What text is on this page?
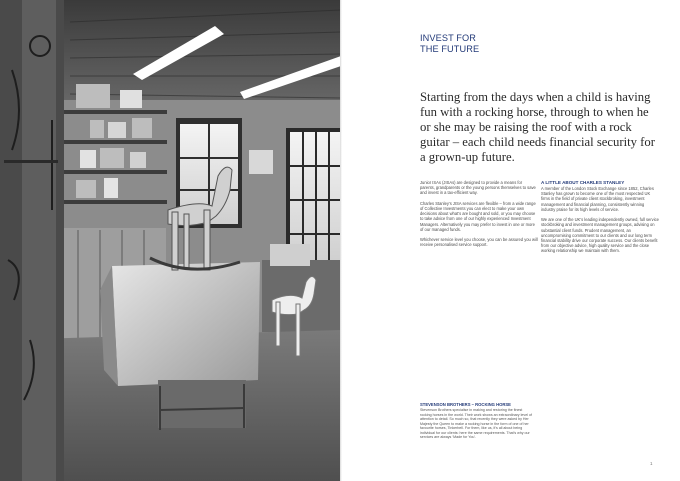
INVEST FOR
THE FUTURE

Starting from the days when a child is having fun with a rocking horse, through to when he or she may be raising the roof with a rock guitar – each child needs financial security for a grown-up future.

Junior ISAs (JISAs) are designed to provide a means for parents, grandparents or the young persons themselves to save and invest in a tax-efficient way.

Charles Stanley’s JISA services are flexible – from a wide range of Collective Investments you can elect to make your own decisions about what’s are bought and sold, or you may choose to take advice from one of our highly experienced Investment Managers. Alternatively you may prefer to invest in one or more of our managed funds.

Whichever service level you choose, you can be assured you will receive personalised service support.

A LITTLE ABOUT CHARLES STANLEY

A member of the London Stock Exchange since 1852, Charles Stanley has grown to become one of the most respected UK firms in the field of private client stockbroking, investment management and financial planning, consistently winning industry praise for its high levels of service.

We are one of the UK’s leading independently owned, full service stockbroking and investment management groups, advising on substantial client funds. Prudent management, an uncompromising commitment to our clients and our long term financial stability drive our corporate success. Our clients benefit from our objective advice, high quality service and the close working relationship we maintain with them.

STEVENSON BROTHERS – ROCKING HORSE

Stevenson Brothers specialise in making and restoring the finest rocking horses in the world. Their work shows an extraordinary level of attention to detail. So much so, that recently they were asked by Her Majesty the Queen to make a rocking horse in the form of one of her favourite horses, Tinkerbell. For them, like us, it’s all about being individual for our clients: here the same requirements. That’s why our services are always ‘Made for You’.

1
